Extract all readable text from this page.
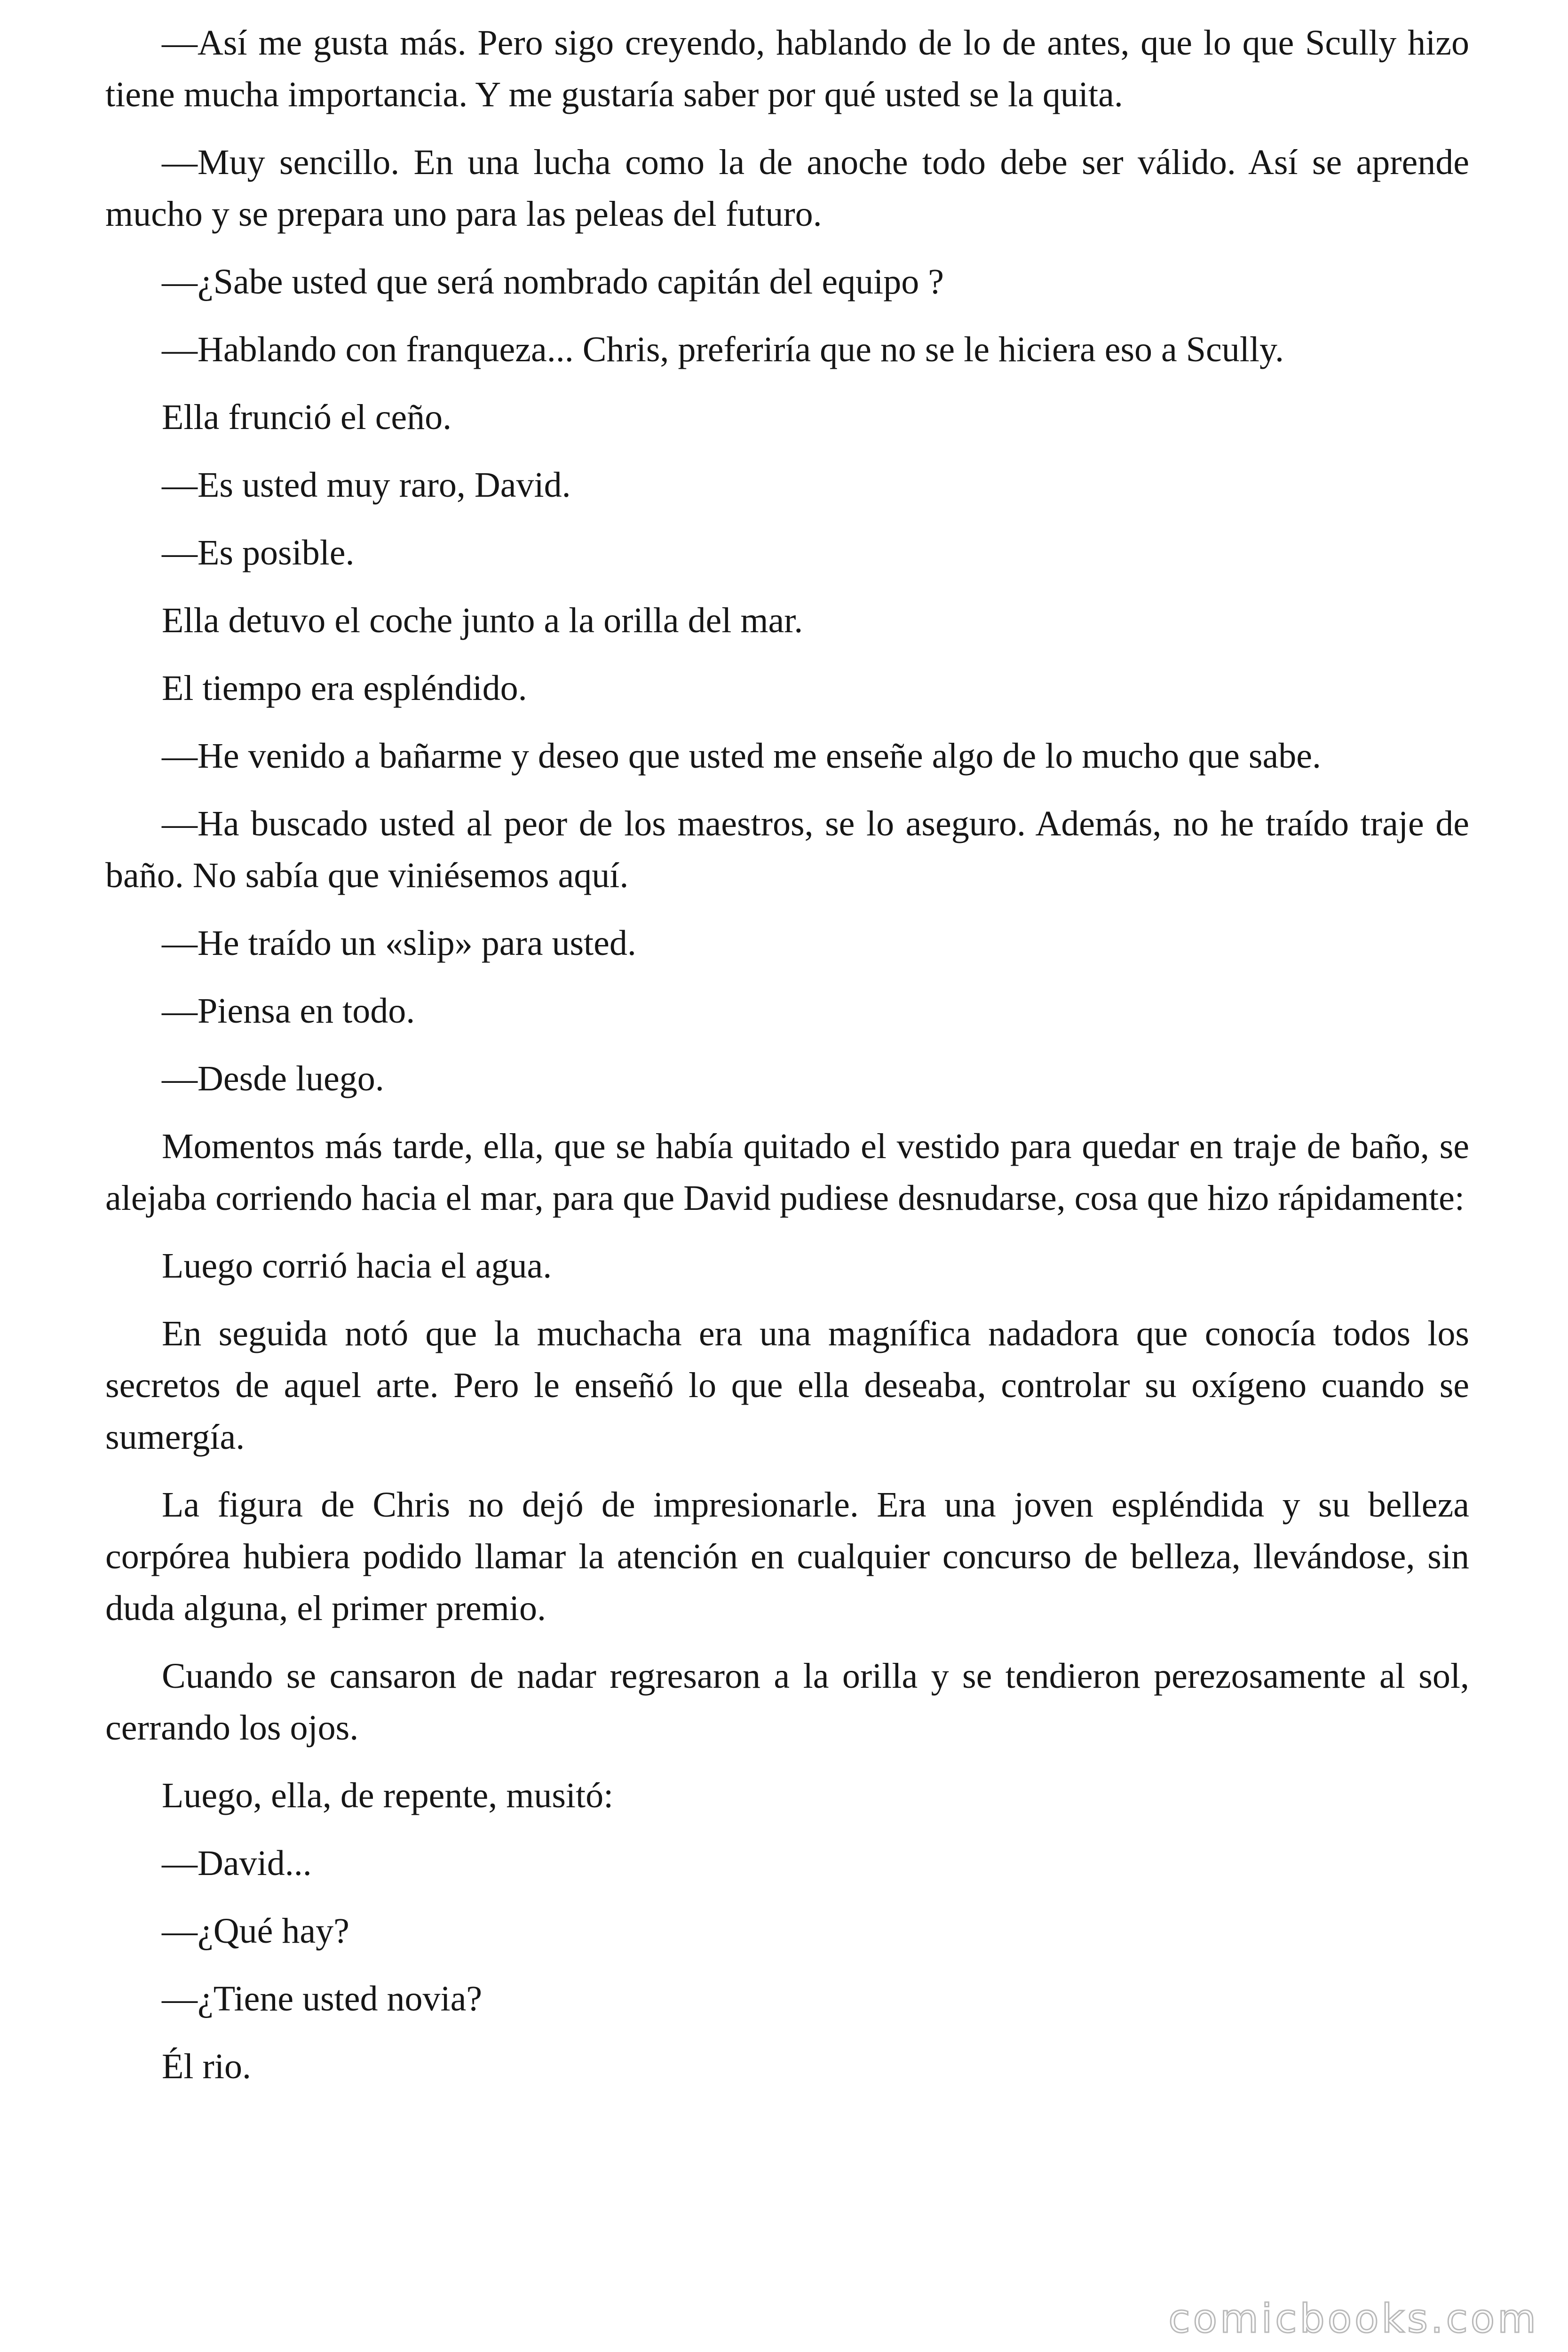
—Así me gusta más. Pero sigo creyendo, hablando de lo de antes, que lo que Scully hizo tiene mucha importancia. Y me gustaría saber por qué usted se la quita.

—Muy sencillo. En una lucha como la de anoche todo debe ser válido. Así se aprende mucho y se prepara uno para las peleas del futuro.

—¿Sabe usted que será nombrado capitán del equipo ?

—Hablando con franqueza... Chris, preferiría que no se le hiciera eso a Scully.

Ella frunció el ceño.

—Es usted muy raro, David.

—Es posible.

Ella detuvo el coche junto a la orilla del mar.

El tiempo era espléndido.

—He venido a bañarme y deseo que usted me enseñe algo de lo mucho que sabe.

—Ha buscado usted al peor de los maestros, se lo aseguro. Además, no he traído traje de baño. No sabía que viniésemos aquí.

—He traído un «slip» para usted.

—Piensa en todo.

—Desde luego.

Momentos más tarde, ella, que se había quitado el vestido para quedar en traje de baño, se alejaba corriendo hacia el mar, para que David pudiese desnudarse, cosa que hizo rápidamente:

Luego corrió hacia el agua.

En seguida notó que la muchacha era una magnífica nadadora que conocía todos los secretos de aquel arte. Pero le enseñó lo que ella deseaba, controlar su oxígeno cuando se sumergía.

La figura de Chris no dejó de impresionarle. Era una joven espléndida y su belleza corpórea hubiera podido llamar la atención en cualquier concurso de belleza, llevándose, sin duda alguna, el primer premio.

Cuando se cansaron de nadar regresaron a la orilla y se tendieron perezosamente al sol, cerrando los ojos.

Luego, ella, de repente, musitó:

—David...

—¿Qué hay?

—¿Tiene usted novia?

Él rio.

comicbooks.com
